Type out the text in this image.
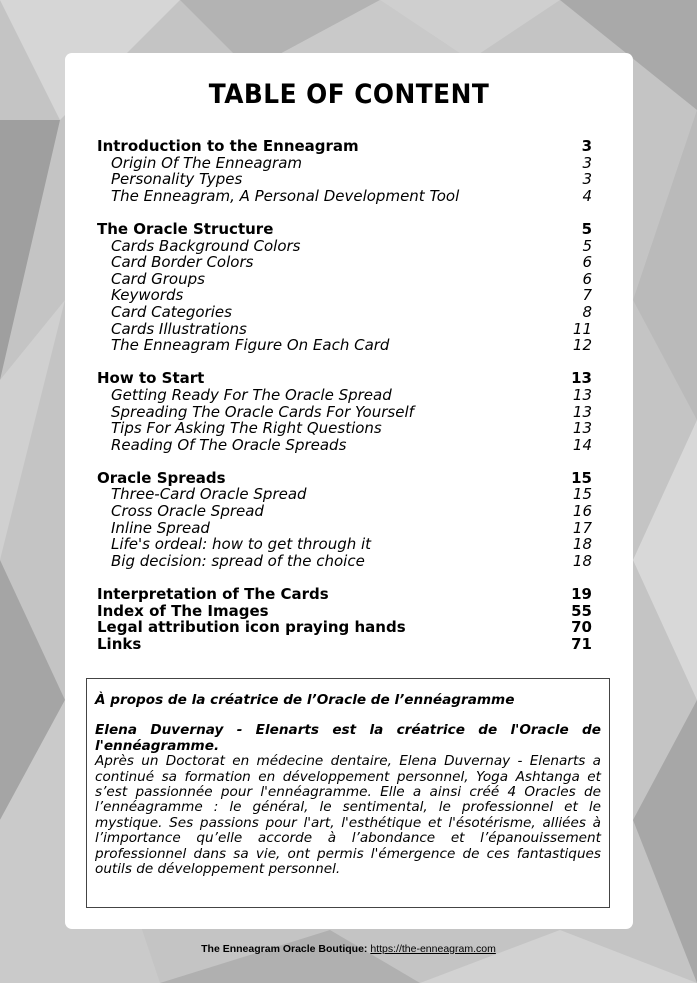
TABLE OF CONTENT
Introduction to the Enneagram	3
Origin Of The Enneagram	3
Personality Types	3
The Enneagram, A Personal Development Tool	4
The Oracle Structure	5
Cards Background Colors	5
Card Border Colors	6
Card Groups	6
Keywords	7
Card Categories	8
Cards Illustrations	11
The Enneagram Figure On Each Card	12
How to Start	13
Getting Ready For The Oracle Spread	13
Spreading The Oracle Cards For Yourself	13
Tips For Asking The Right Questions	13
Reading Of The Oracle Spreads	14
Oracle Spreads	15
Three-Card Oracle Spread	15
Cross Oracle Spread	16
Inline Spread	17
Life's ordeal: how to get through it	18
Big decision: spread of the choice	18
Interpretation of The Cards	19
Index of The Images	55
Legal attribution icon praying hands	70
Links	71
À propos de la créatrice de l’Oracle de l’ennéagramme
Elena Duvernay - Elenarts est la créatrice de l'Oracle de l'ennéagramme.
Après un Doctorat en médecine dentaire, Elena Duvernay - Elenarts a continué sa formation en développement personnel, Yoga Ashtanga et s’est passionnée pour l'ennéagramme. Elle a ainsi créé 4 Oracles de l’ennéagramme : le général, le sentimental, le professionnel et le mystique. Ses passions pour l'art, l'esthétique et l'ésotérisme, alliées à l’importance qu’elle accorde à l’abondance et l’épanouissement professionnel dans sa vie, ont permis l'émergence de ces fantastiques outils de développement personnel.
The Enneagram Oracle Boutique: https://the-enneagram.com
